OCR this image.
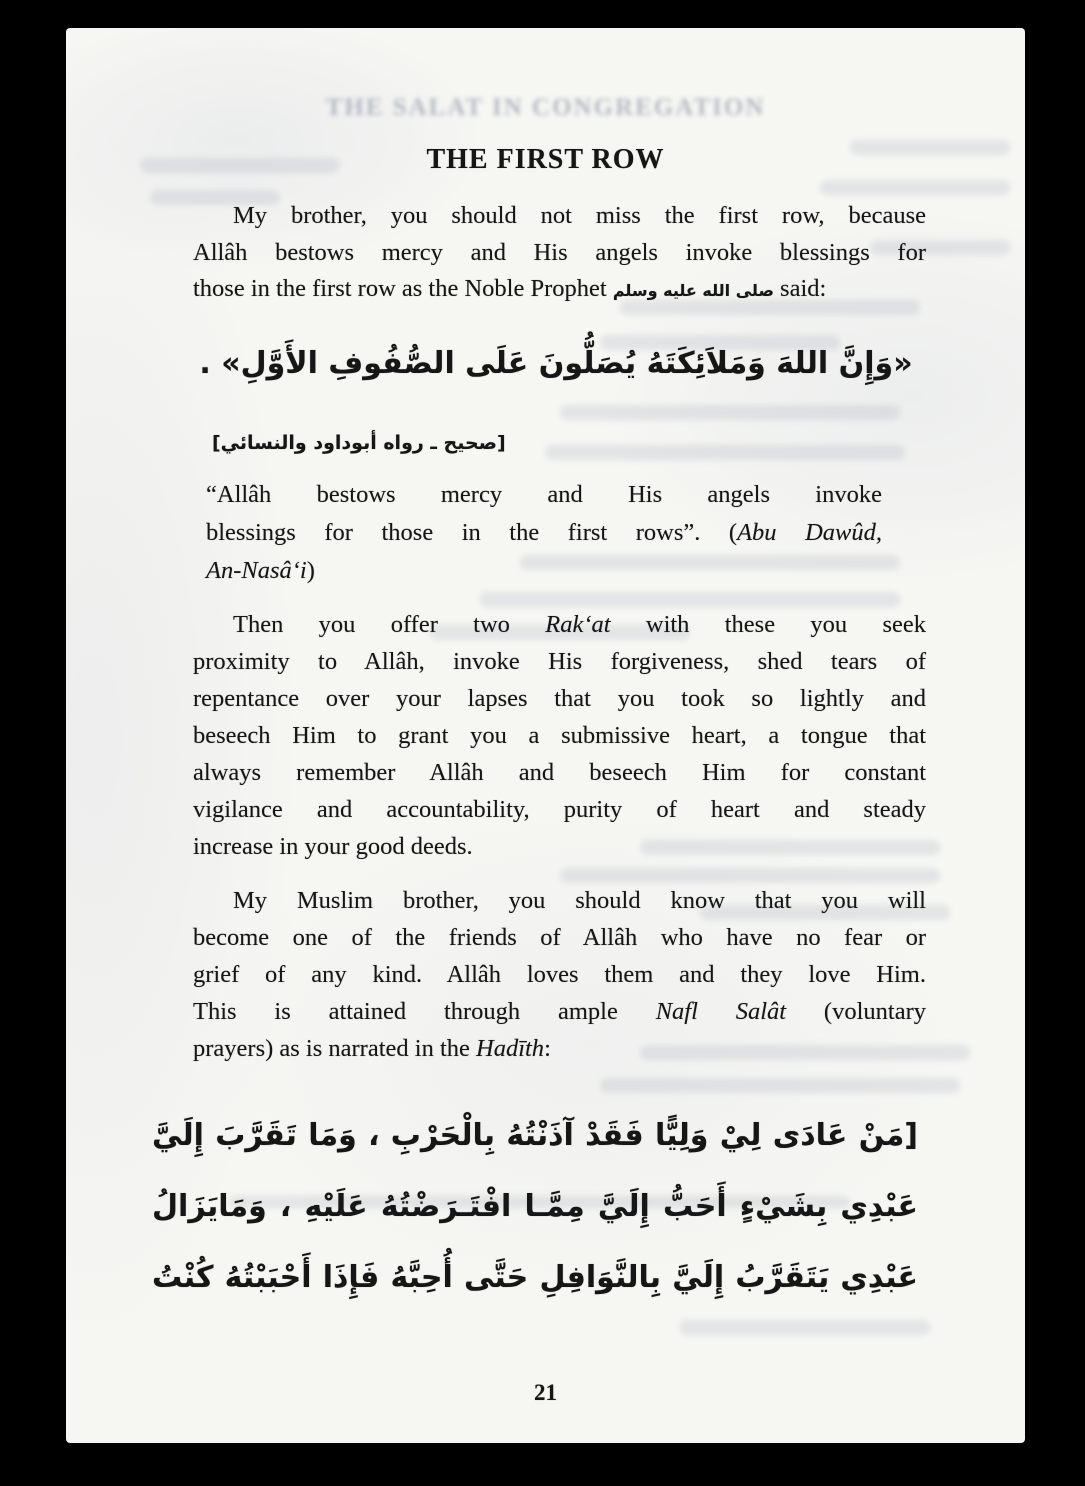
THE SALAT IN CONGREGATION
THE FIRST ROW
My brother, you should not miss the first row, because
Allâh bestows mercy and His angels invoke blessings for
those in the first row as the Noble Prophet صلى الله عليه وسلم said:
«وَإِنَّ اللهَ وَمَلاَئِكَتَهُ يُصَلُّونَ عَلَى الصُّفُوفِ الأَوَّلِ» .
[صحيح ـ رواه أبوداود والنسائي]
“Allâh bestows mercy and His angels invoke
blessings for those in the first rows”. (Abu Dawûd,
An-Nasâ‘i)
Then you offer two Rak‘at with these you seek
proximity to Allâh, invoke His forgiveness, shed tears of
repentance over your lapses that you took so lightly and
beseech Him to grant you a submissive heart, a tongue that
always remember Allâh and beseech Him for constant
vigilance and accountability, purity of heart and steady
increase in your good deeds.
My Muslim brother, you should know that you will
become one of the friends of Allâh who have no fear or
grief of any kind. Allâh loves them and they love Him.
This is attained through ample Nafl Salât (voluntary
prayers) as is narrated in the Hadīth:
[مَنْ عَادَى لِيْ وَلِيًّا فَقَدْ آذَنْتُهُ بِالْحَرْبِ ، وَمَا تَقَرَّبَ إِلَيَّ
عَبْدِي بِشَيْءٍ أَحَبُّ إِلَيَّ مِمَّـا افْتَـرَضْتُهُ عَلَيْهِ ، وَمَايَزَالُ
عَبْدِي يَتَقَرَّبُ إِلَيَّ بِالنَّوَافِلِ حَتَّى أُحِبَّهُ فَإِذَا أَحْبَبْتُهُ كُنْتُ
21
